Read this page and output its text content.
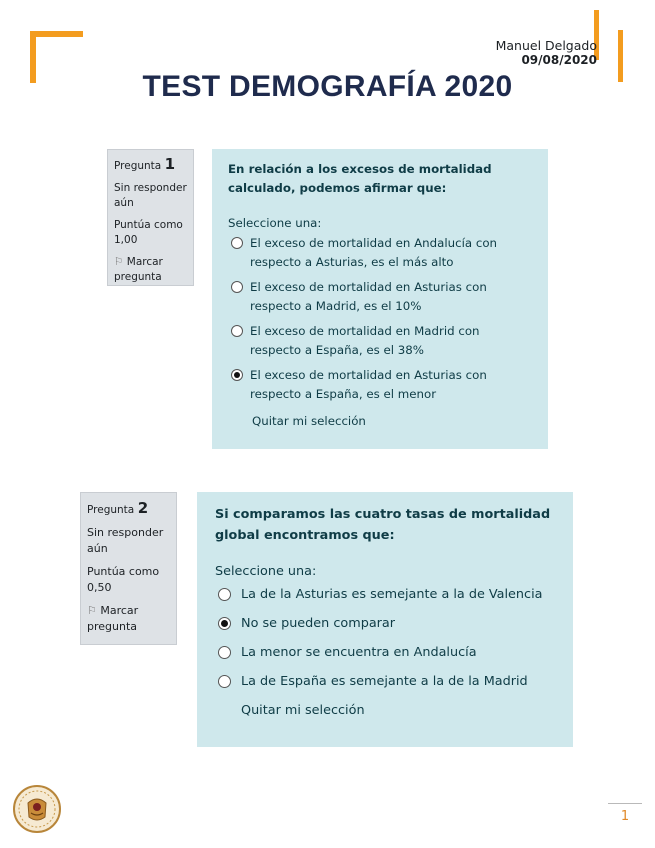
Manuel Delgado
09/08/2020
TEST DEMOGRAFÍA 2020
Pregunta 1
Sin responder aún
Puntúa como 1,00
⚐ Marcar pregunta
En relación a los excesos de mortalidad calculado, podemos afirmar que:
Seleccione una:
El exceso de mortalidad en Andalucía con respecto a Asturias, es el más alto
El exceso de mortalidad en Asturias con respecto a Madrid, es el 10%
El exceso de mortalidad en Madrid con respecto a España, es el 38%
El exceso de mortalidad en Asturias con respecto a España, es el menor
Quitar mi selección
Pregunta 2
Sin responder aún
Puntúa como 0,50
⚐ Marcar pregunta
Si comparamos las cuatro tasas de mortalidad global encontramos que:
Seleccione una:
La de la Asturias es semejante a la de Valencia
No se pueden comparar
La menor se encuentra en Andalucía
La de España es semejante a la de la Madrid
Quitar mi selección
1
